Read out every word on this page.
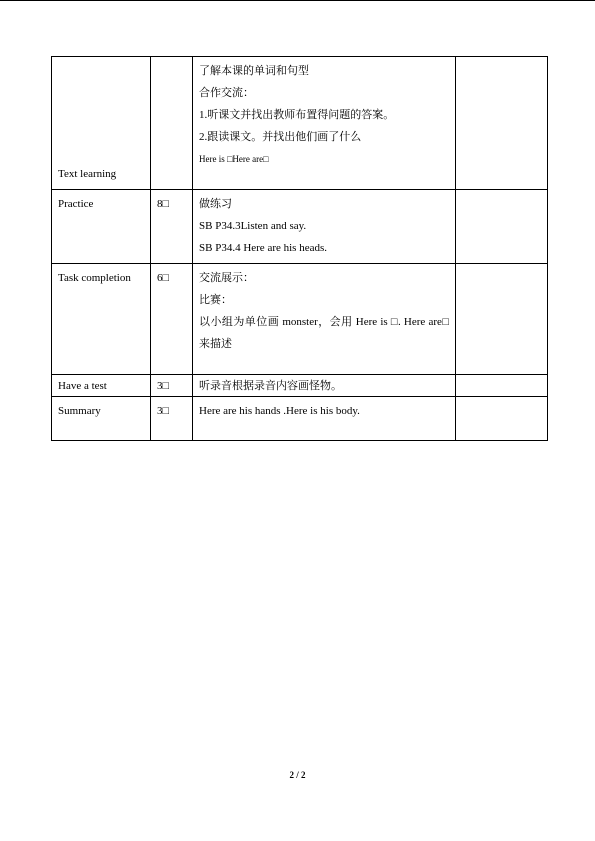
Text learning		了解本课的单词和句型
合作交流：
1.听课文并找出教师布置得问题的答案。
2.跟读课文。并找出他们画了什么
Here is □Here are□	

Practice	8□	做练习
SB P34.3Listen and say.
SB P34.4 Here are his heads.	

Task completion	6□	交流展示：
比赛：
以小组为单位画 monster，会用 Here is □. Here are□来描述	

Have a test	3□	听录音根据录音内容画怪物。	

Summary	3□	Here are his hands .Here is his body.	

2 / 2
